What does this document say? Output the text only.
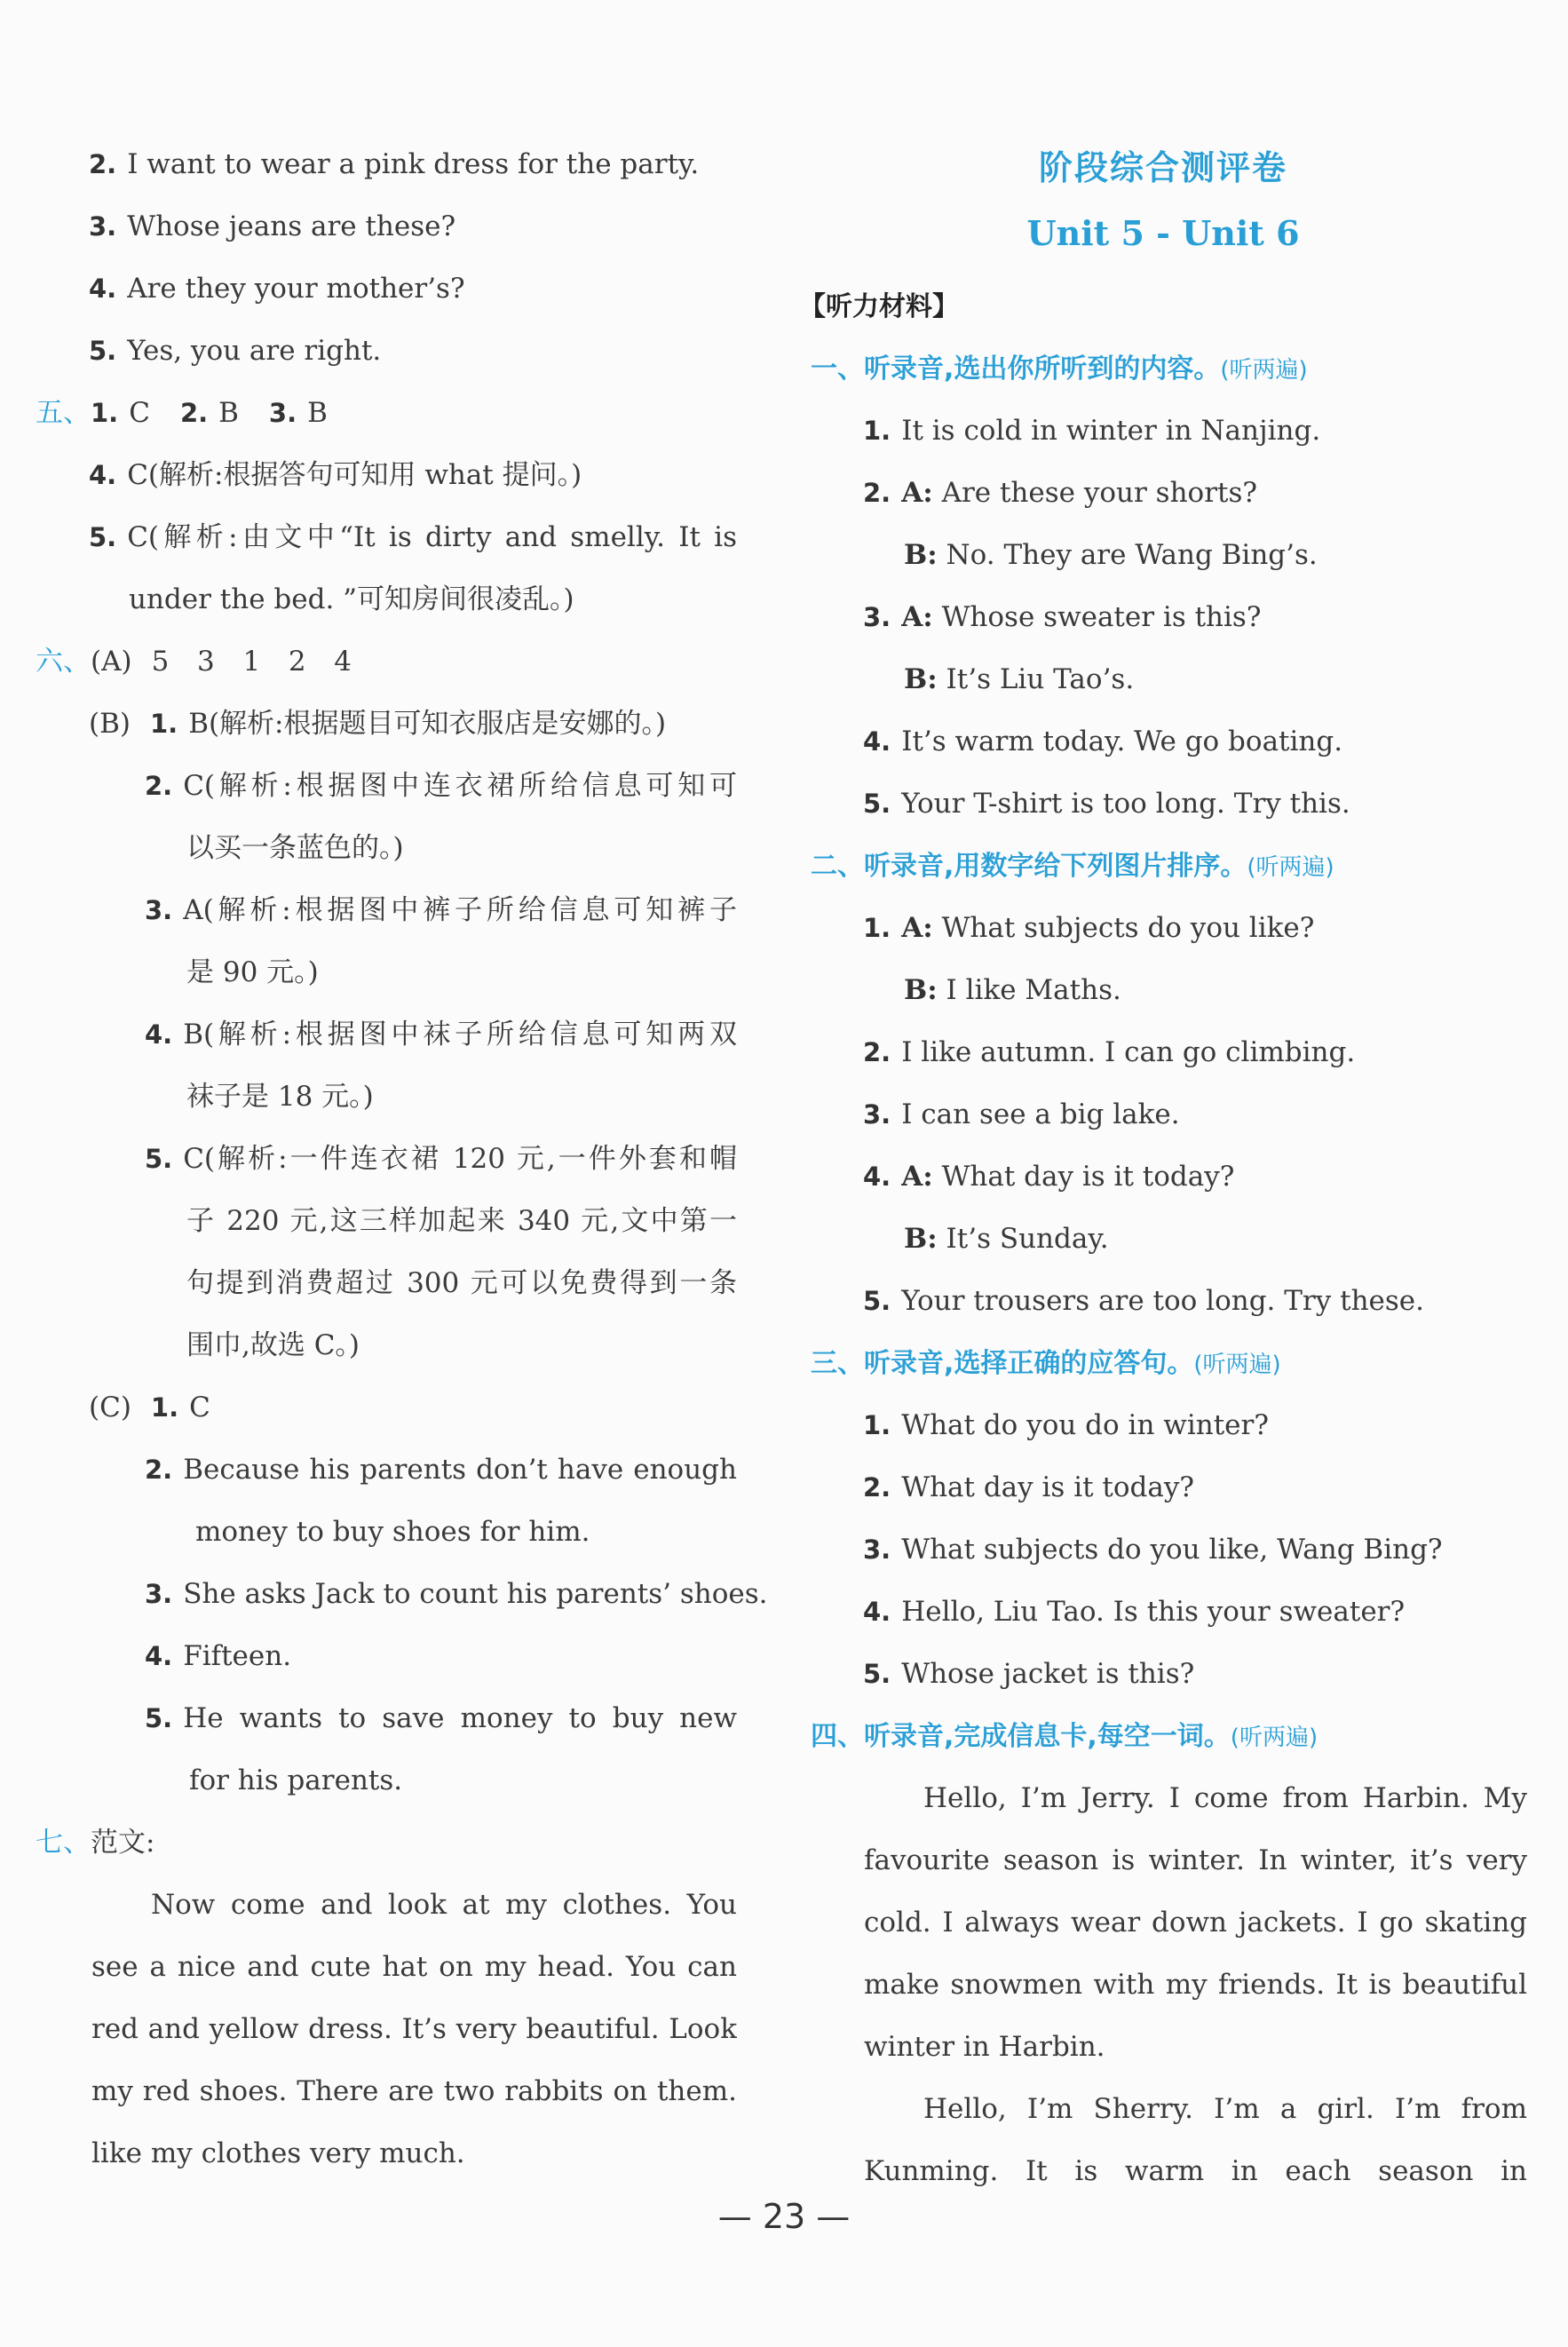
2. I want to wear a pink dress for the party.
3. Whose jeans are these?
4. Are they your mother’s?
5. Yes, you are right.
五、1. C 2. B 3. B
4. C(解析:根据答句可知用 what 提问。)
5. C(解析:由文中“It is dirty and smelly. It is
under the bed. ”可知房间很凌乱。)
六、(A) 5  3  1  2  4
(B) 1. B(解析:根据题目可知衣服店是安娜的。)
2. C(解析:根据图中连衣裙所给信息可知可
以买一条蓝色的。)
3. A(解析:根据图中裤子所给信息可知裤子
是 90 元。)
4. B(解析:根据图中袜子所给信息可知两双
袜子是 18 元。)
5. C(解析:一件连衣裙 120 元,一件外套和帽
子 220 元,这三样加起来 340 元,文中第一
句提到消费超过 300 元可以免费得到一条
围巾,故选 C。)
(C) 1. C
2. Because his parents don’t have enough
money to buy shoes for him.
3. She asks Jack to count his parents’ shoes.
4. Fifteen.
5. He wants to save money to buy new
for his parents.
七、范文:
Now come and look at my clothes. You
see a nice and cute hat on my head. You can
red and yellow dress. It’s very beautiful. Look
my red shoes. There are two rabbits on them.
like my clothes very much.
阶段综合测评卷
Unit 5 - Unit 6
【听力材料】
一、听录音,选出你所听到的内容。(听两遍)
1. It is cold in winter in Nanjing.
2. A: Are these your shorts?
B: No. They are Wang Bing’s.
3. A: Whose sweater is this?
B: It’s Liu Tao’s.
4. It’s warm today. We go boating.
5. Your T-shirt is too long. Try this.
二、听录音,用数字给下列图片排序。(听两遍)
1. A: What subjects do you like?
B: I like Maths.
2. I like autumn. I can go climbing.
3. I can see a big lake.
4. A: What day is it today?
B: It’s Sunday.
5. Your trousers are too long. Try these.
三、听录音,选择正确的应答句。(听两遍)
1. What do you do in winter?
2. What day is it today?
3. What subjects do you like, Wang Bing?
4. Hello, Liu Tao. Is this your sweater?
5. Whose jacket is this?
四、听录音,完成信息卡,每空一词。(听两遍)
Hello, I’m Jerry. I come from Harbin. My
favourite season is winter. In winter, it’s very
cold. I always wear down jackets. I go skating
make snowmen with my friends. It is beautiful
winter in Harbin.
Hello, I’m Sherry. I’m a girl. I’m from
Kunming. It is warm in each season in
— 23 —
